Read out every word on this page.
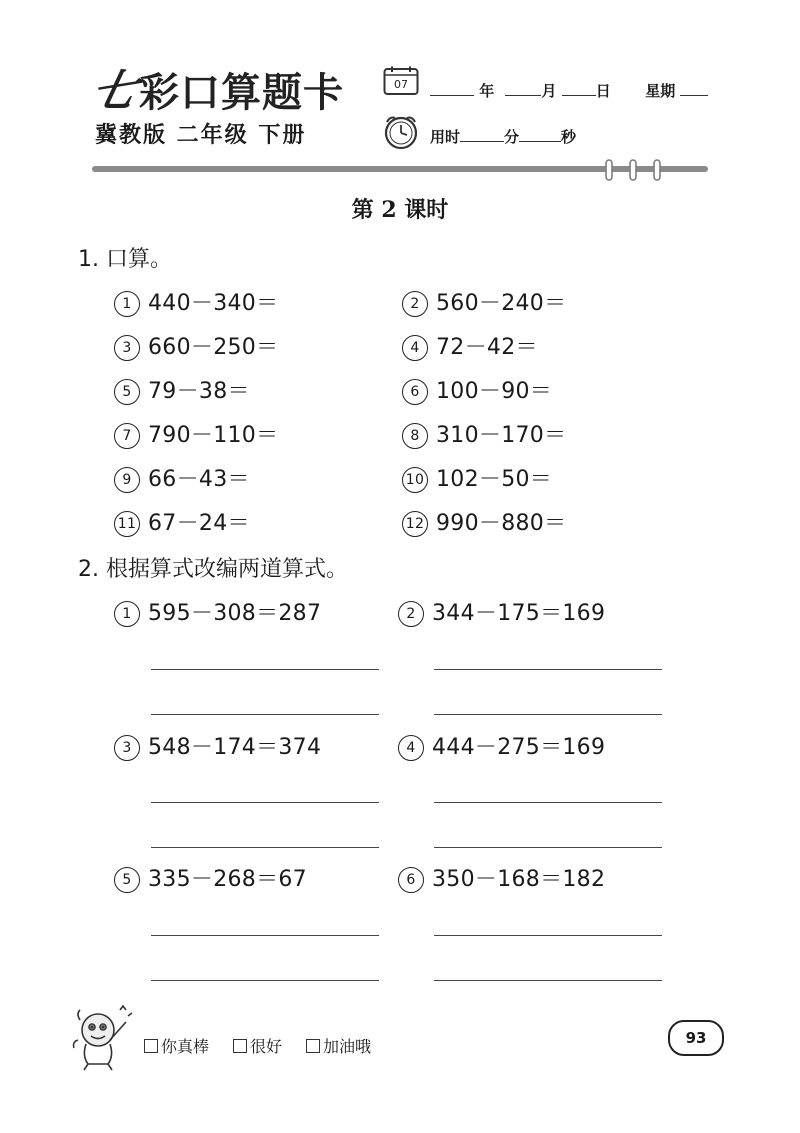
七彩口算题卡
冀教版 二年级 下册
07	年	月	日 星期
用时	分	秒
第 2 课时
1. 口算。
1 440－340＝	2 560－240＝
3 660－250＝	4 72－42＝
5 79－38＝	6 100－90＝
7 790－110＝	8 310－170＝
9 66－43＝	10 102－50＝
11 67－24＝	12 990－880＝
2. 根据算式改编两道算式。
1 595－308＝287	2 344－175＝169
3 548－174＝374	4 444－275＝169
5 335－268＝67	6 350－168＝182
你真棒	很好	加油哦	93
